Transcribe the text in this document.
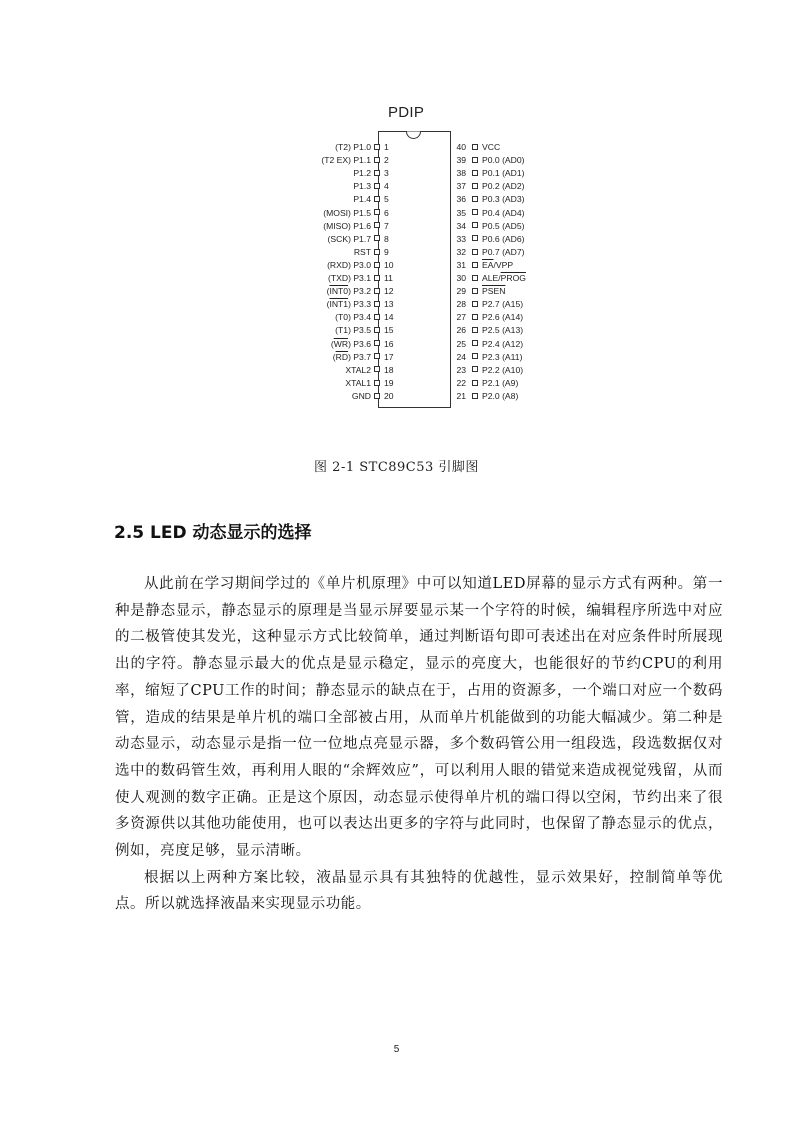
PDIP
(T2) P1.0 1
(T2 EX) P1.1 2
P1.2 3
P1.3 4
P1.4 5
(MOSI) P1.5 6
(MISO) P1.6 7
(SCK) P1.7 8
RST 9
(RXD) P3.0 10
(TXD) P3.1 11
(INT0) P3.2 12
(INT1) P3.3 13
(T0) P3.4 14
(T1) P3.5 15
$(\overline{WR})$ P3.6 16
$(\overline{RD})$ P3.7 17
XTAL2 18
XTAL1 19
GND 20
40 VCC
39 P0.0 (AD0)
38 P0.1 (AD1)
37 P0.2 (AD2)
36 P0.3 (AD3)
35 P0.4 (AD4)
34 P0.5 (AD5)
33 P0.6 (AD6)
32 P0.7 (AD7)
31 $\overline{EA}$/VPP
30 ALE/PROG
29 PSEN
28 P2.7 (A15)
27 P2.6 (A14)
26 P2.5 (A13)
25 P2.4 (A12)
24 P2.3 (A11)
23 P2.2 (A10)
22 P2.1 (A9)
21 P2.0 (A8)
图 2-1 STC89C53 引脚图
2.5 LED 动态显示的选择

从此前在学习期间学过的《单片机原理》中可以知道LED屏幕的显示方式有两种。第一种是静态显示，静态显示的原理是当显示屏要显示某一个字符的时候，编辑程序所选中对应的二极管使其发光，这种显示方式比较简单，通过判断语句即可表述出在对应条件时所展现出的字符。静态显示最大的优点是显示稳定，显示的亮度大，也能很好的节约CPU的利用率，缩短了CPU工作的时间；静态显示的缺点在于，占用的资源多，一个端口对应一个数码管，造成的结果是单片机的端口全部被占用，从而单片机能做到的功能大幅减少。第二种是动态显示，动态显示是指一位一位地点亮显示器，多个数码管公用一组段选，段选数据仅对选中的数码管生效，再利用人眼的“余辉效应”，可以利用人眼的错觉来造成视觉残留，从而使人观测的数字正确。正是这个原因，动态显示使得单片机的端口得以空闲，节约出来了很多资源供以其他功能使用，也可以表达出更多的字符与此同时，也保留了静态显示的优点，例如，亮度足够，显示清晰。

根据以上两种方案比较，液晶显示具有其独特的优越性，显示效果好，控制简单等优点。所以就选择液晶来实现显示功能。

5
